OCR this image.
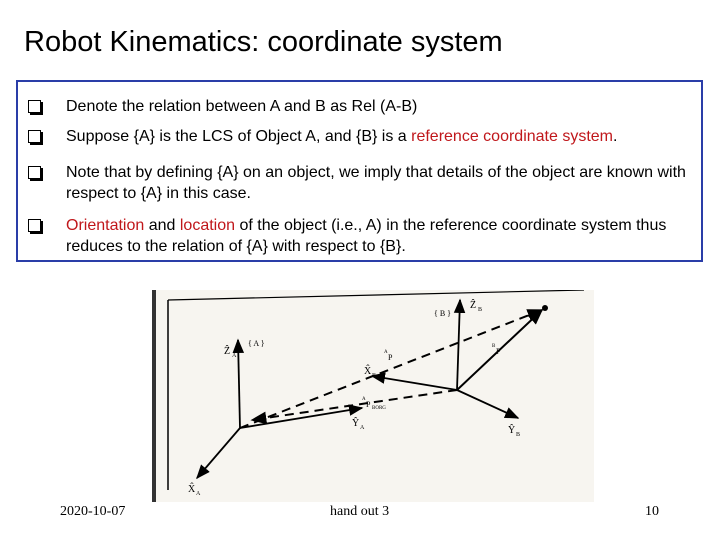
Robot Kinematics: coordinate system
Denote the relation between A and B as Rel (A-B)
Suppose {A} is the LCS of Object A, and {B} is a reference coordinate system.
Note that by defining {A} on an object, we imply that details of the object are known with respect to {A} in this case.
Orientation and location of the object (i.e., A) in the reference coordinate system thus reduces to the relation of {A} with respect to {B}.
{ A }
{ B }
Ẑ A
X̂ A
Ŷ A
Ẑ B
X̂ B
Ŷ B
A
P
B
P
A
P BORG
2020-10-07	hand out 3	10
